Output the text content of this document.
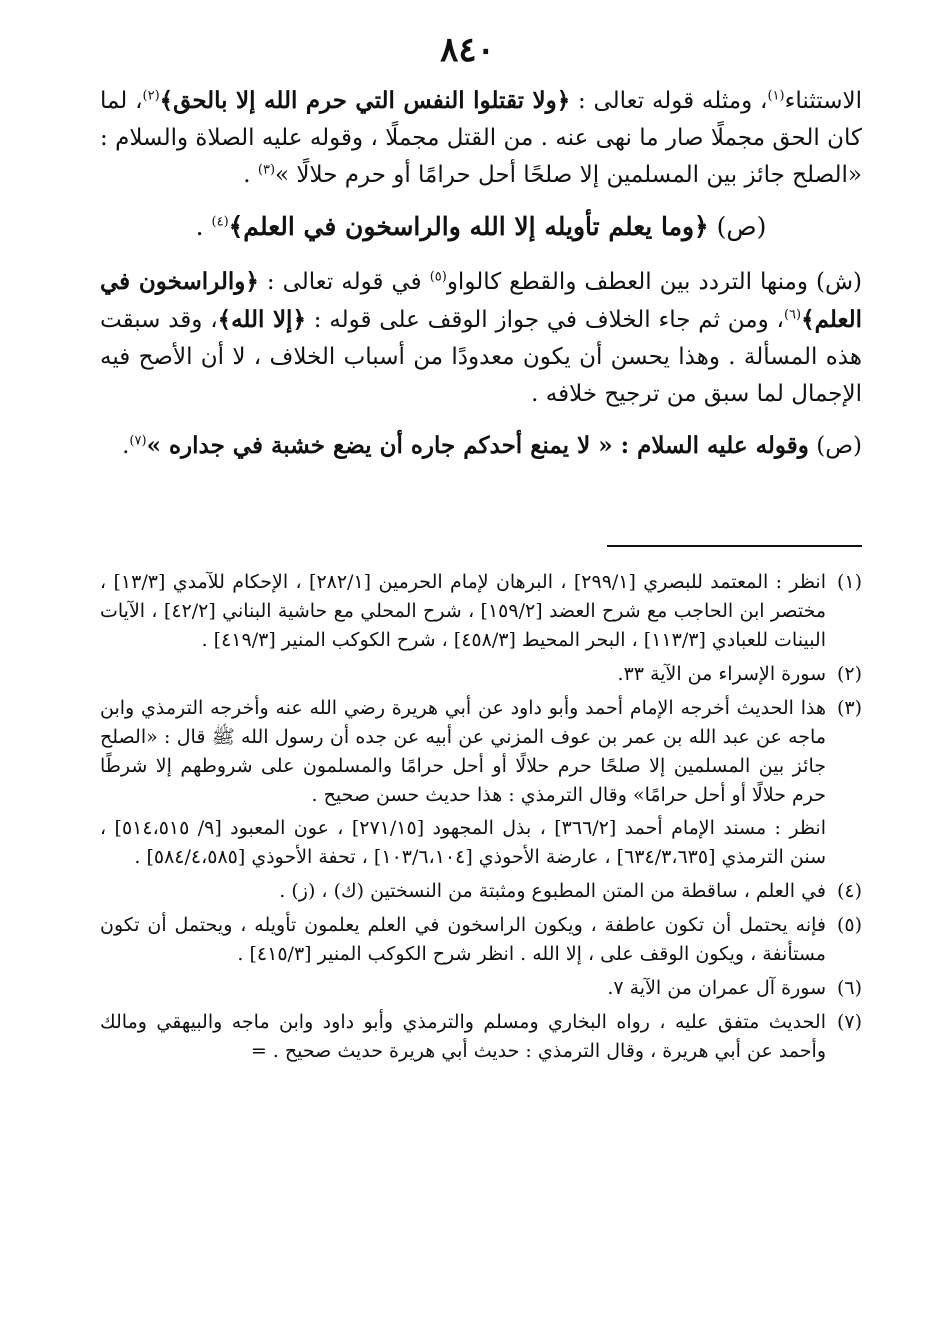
٨٤٠

الاستثناء$^{(١)}$، ومثله قوله تعالى : ﴿ولا تقتلوا النفس التي حرم الله إلا بالحق﴾$^{(٢)}$، لما كان الحق مجملًا صار ما نهى عنه . من القتل مجملًا ، وقوله عليه الصلاة والسلام : «الصلح جائز بين المسلمين إلا صلحًا أحل حرامًا أو حرم حلالًا »$^{(٣)}$ .

(ص) ﴿وما يعلم تأويله إلا الله والراسخون في العلم﴾$^{(٤)}$ .

(ش) ومنها التردد بين العطف والقطع كالواو$^{(٥)}$ في قوله تعالى : ﴿والراسخون في العلم﴾$^{(٦)}$، ومن ثم جاء الخلاف في جواز الوقف على قوله : ﴿إلا الله﴾، وقد سبقت هذه المسألة . وهذا يحسن أن يكون معدودًا من أسباب الخلاف ، لا أن الأصح فيه الإجمال لما سبق من ترجيح خلافه .

(ص) وقوله عليه السلام : « لا يمنع أحدكم جاره أن يضع خشبة في جداره »$^{(٧)}$.

(١)
انظر : المعتمد للبصري [٢٩٩/١] ، البرهان لإمام الحرمين [٢٨٢/١] ، الإحكام للآمدي [١٣/٣] ، مختصر ابن الحاجب مع شرح العضد [١٥٩/٢] ، شرح المحلي مع حاشية البناني [٤٢/٢] ، الآيات البينات للعبادي [١١٣/٣] ، البحر المحيط [٤٥٨/٣] ، شرح الكوكب المنير [٤١٩/٣] .
(٢)
سورة الإسراء من الآية ٣٣.
(٣)
هذا الحديث أخرجه الإمام أحمد وأبو داود عن أبي هريرة رضي الله عنه وأخرجه الترمذي وابن ماجه عن عبد الله بن عمر بن عوف المزني عن أبيه عن جده أن رسول الله ﷺ قال : «الصلح جائز بين المسلمين إلا صلحًا حرم حلالًا أو أحل حرامًا والمسلمون على شروطهم إلا شرطًا حرم حلالًا أو أحل حرامًا» وقال الترمذي : هذا حديث حسن صحيح .
انظر : مسند الإمام أحمد [٣٦٦/٢] ، بذل المجهود [٢٧١/١٥] ، عون المعبود [٩/ ٥١٤،٥١٥] ، سنن الترمذي [٦٣٤/٣،٦٣٥] ، عارضة الأحوذي [١٠٣/٦،١٠٤] ، تحفة الأحوذي [٥٨٤/٤،٥٨٥] .
(٤)
في العلم ، ساقطة من المتن المطبوع ومثبتة من النسختين (ك) ، (ز) .
(٥)
فإنه يحتمل أن تكون عاطفة ، ويكون الراسخون في العلم يعلمون تأويله ، ويحتمل أن تكون مستأنفة ، ويكون الوقف على ، إلا الله . انظر شرح الكوكب المنير [٤١٥/٣] .
(٦)
سورة آل عمران من الآية ٧.
(٧)
الحديث متفق عليه ، رواه البخاري ومسلم والترمذي وأبو داود وابن ماجه والبيهقي ومالك وأحمد عن أبي هريرة ، وقال الترمذي : حديث أبي هريرة حديث صحيح . =
